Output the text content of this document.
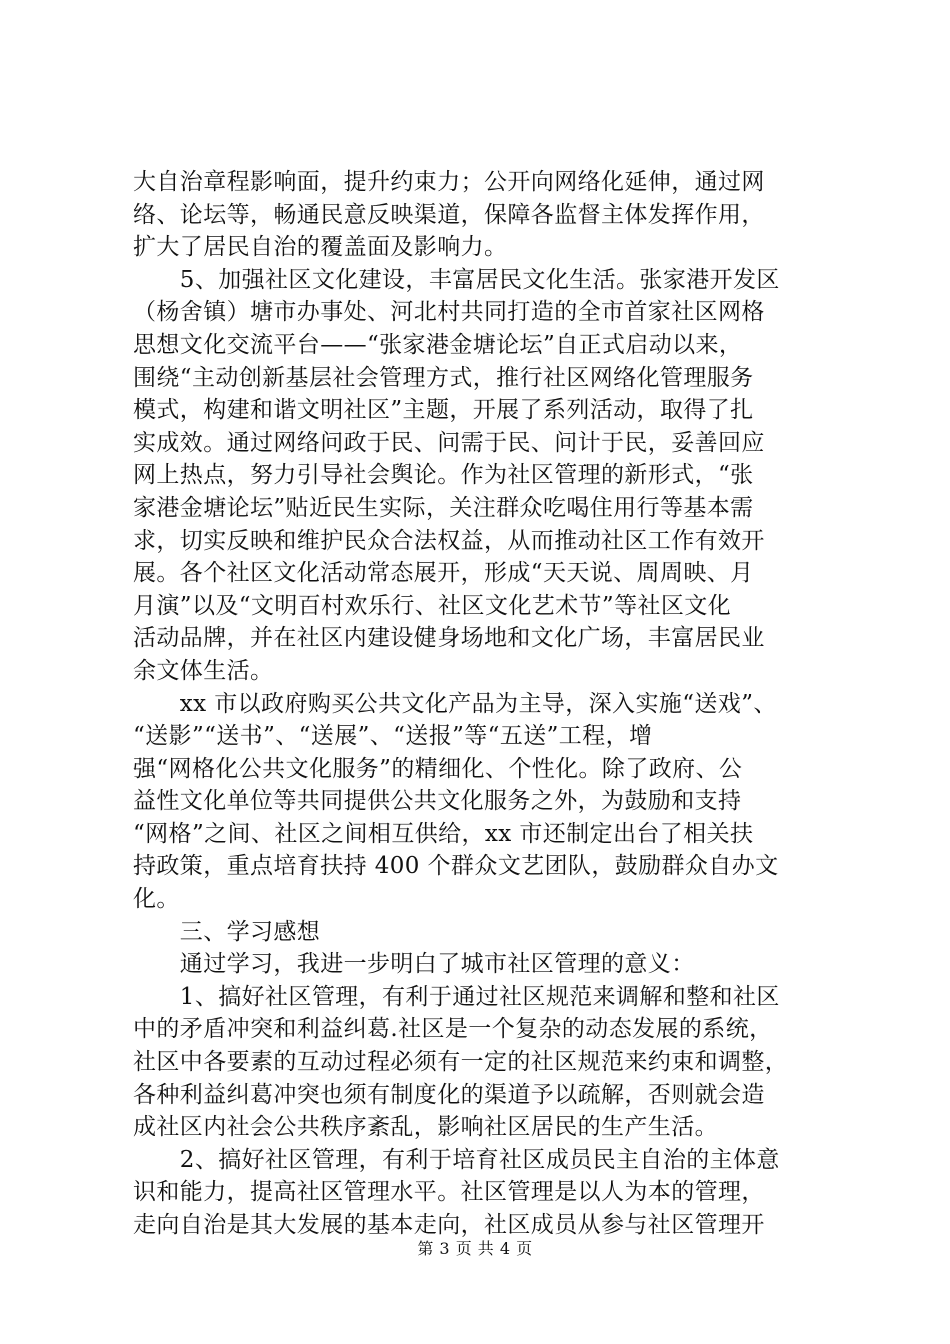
大自治章程影响面，提升约束力；公开向网络化延伸，通过网
络、论坛等，畅通民意反映渠道，保障各监督主体发挥作用，
扩大了居民自治的覆盖面及影响力。
　　5、加强社区文化建设，丰富居民文化生活。张家港开发区
（杨舍镇）塘市办事处、河北村共同打造的全市首家社区网格
思想文化交流平台——“张家港金塘论坛”自正式启动以来，
围绕“主动创新基层社会管理方式，推行社区网络化管理服务
模式，构建和谐文明社区”主题，开展了系列活动，取得了扎
实成效。通过网络问政于民、问需于民、问计于民，妥善回应
网上热点，努力引导社会舆论。作为社区管理的新形式，“张
家港金塘论坛”贴近民生实际，关注群众吃喝住用行等基本需
求，切实反映和维护民众合法权益，从而推动社区工作有效开
展。各个社区文化活动常态展开，形成“天天说、周周映、月
月演”以及“文明百村欢乐行、社区文化艺术节”等社区文化
活动品牌，并在社区内建设健身场地和文化广场，丰富居民业
余文体生活。
　　xx 市以政府购买公共文化产品为主导，深入实施“送戏”、
“送影”“送书”、“送展”、“送报”等“五送”工程，增
强“网格化公共文化服务”的精细化、个性化。除了政府、公
益性文化单位等共同提供公共文化服务之外，为鼓励和支持
“网格”之间、社区之间相互供给，xx 市还制定出台了相关扶
持政策，重点培育扶持 400 个群众文艺团队，鼓励群众自办文
化。
　　三、学习感想
　　通过学习，我进一步明白了城市社区管理的意义：
　　1、搞好社区管理，有利于通过社区规范来调解和整和社区
中的矛盾冲突和利益纠葛.社区是一个复杂的动态发展的系统，
社区中各要素的互动过程必须有一定的社区规范来约束和调整，
各种利益纠葛冲突也须有制度化的渠道予以疏解，否则就会造
成社区内社会公共秩序紊乱，影响社区居民的生产生活。
　　2、搞好社区管理，有利于培育社区成员民主自治的主体意
识和能力，提高社区管理水平。社区管理是以人为本的管理，
走向自治是其大发展的基本走向，社区成员从参与社区管理开
第 3 页 共 4 页
